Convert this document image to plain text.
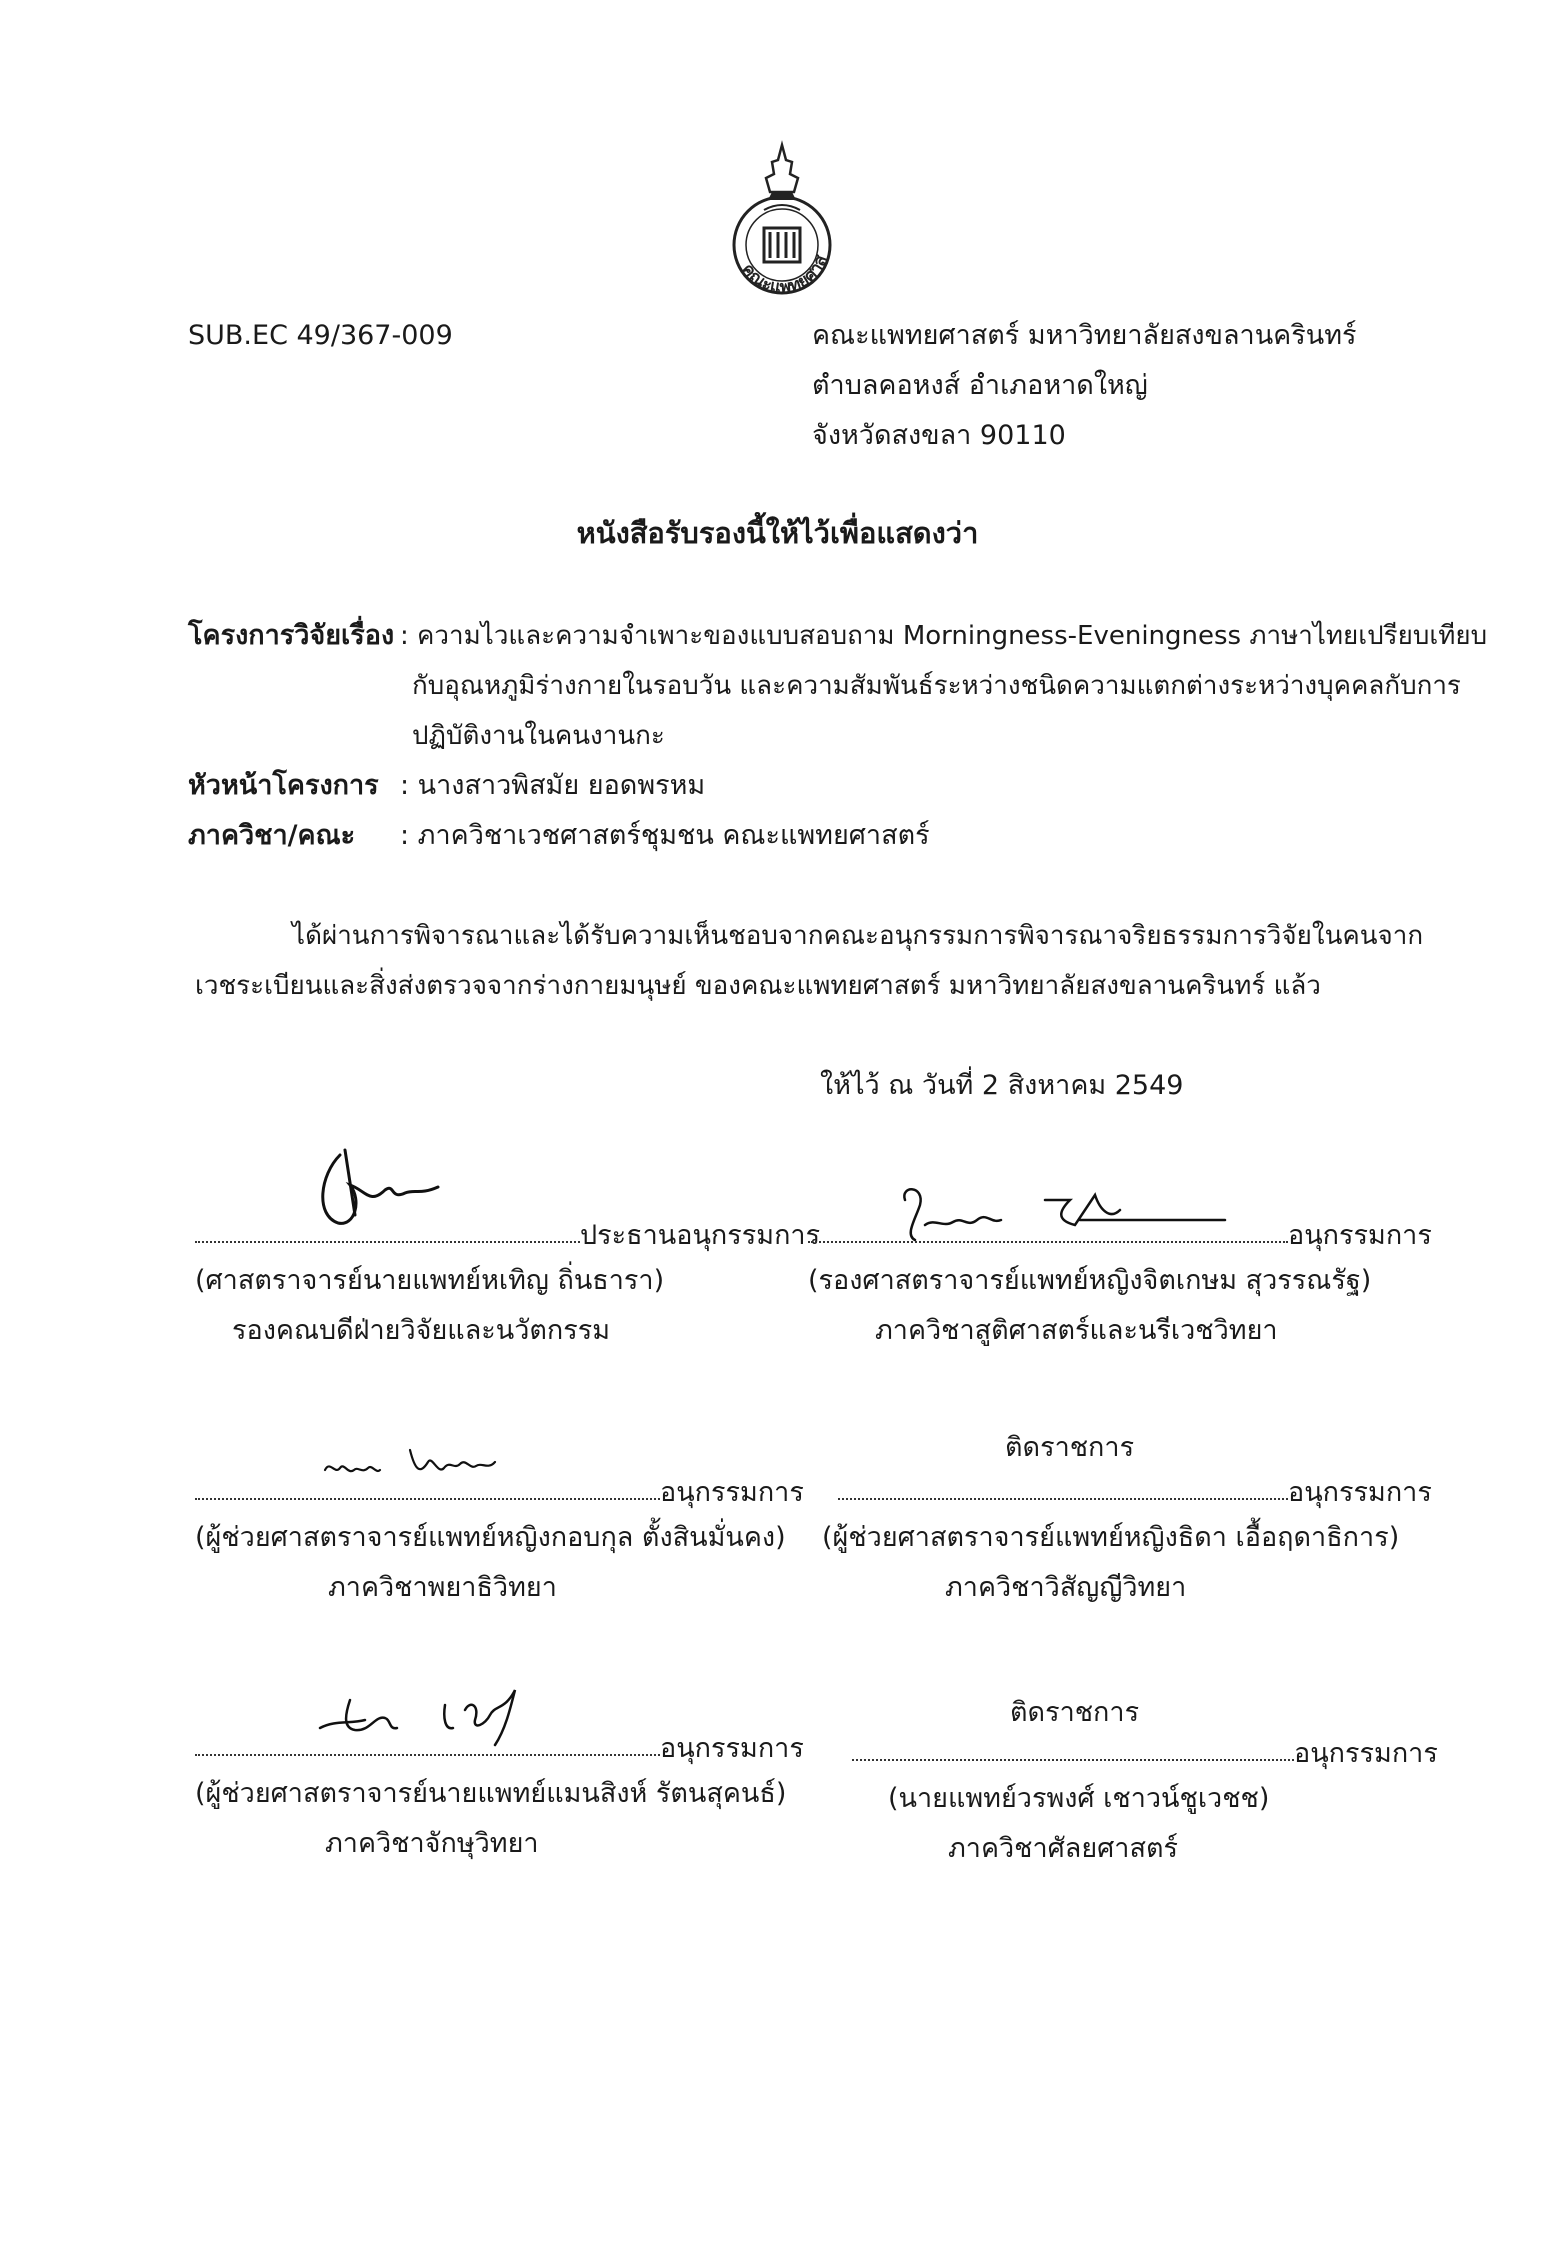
คณะแพทยศาส
SUB.EC 49/367-009	คณะแพทยศาสตร์ มหาวิทยาลัยสงขลานครินทร์
ตำบลคอหงส์ อำเภอหาดใหญ่
จังหวัดสงขลา 90110
หนังสือรับรองนี้ให้ไว้เพื่อแสดงว่า
โครงการวิจัยเรื่อง : ความไวและความจำเพาะของแบบสอบถาม Morningness-Eveningness ภาษาไทยเปรียบเทียบ
กับอุณหภูมิร่างกายในรอบวัน และความสัมพันธ์ระหว่างชนิดความแตกต่างระหว่างบุคคลกับการ
ปฏิบัติงานในคนงานกะ
หัวหน้าโครงการ : นางสาวพิสมัย ยอดพรหม
ภาควิชา/คณะ : ภาควิชาเวชศาสตร์ชุมชน คณะแพทยศาสตร์
ได้ผ่านการพิจารณาและได้รับความเห็นชอบจากคณะอนุกรรมการพิจารณาจริยธรรมการวิจัยในคนจาก
เวชระเบียนและสิ่งส่งตรวจจากร่างกายมนุษย์ ของคณะแพทยศาสตร์ มหาวิทยาลัยสงขลานครินทร์ แล้ว
ให้ไว้ ณ วันที่ 2 สิงหาคม 2549
ประธานอนุกรรมการ
(ศาสตราจารย์นายแพทย์หเทิญ ถิ่นธารา)
รองคณบดีฝ่ายวิจัยและนวัตกรรม
อนุกรรมการ
(รองศาสตราจารย์แพทย์หญิงจิตเกษม สุวรรณรัฐ)
ภาควิชาสูติศาสตร์และนรีเวชวิทยา
อนุกรรมการ
(ผู้ช่วยศาสตราจารย์แพทย์หญิงกอบกุล ตั้งสินมั่นคง)
ภาควิชาพยาธิวิทยา
ติดราชการ
อนุกรรมการ
(ผู้ช่วยศาสตราจารย์แพทย์หญิงธิดา เอื้อฤดาธิการ)
ภาควิชาวิสัญญีวิทยา
อนุกรรมการ
(ผู้ช่วยศาสตราจารย์นายแพทย์แมนสิงห์ รัตนสุคนธ์)
ภาควิชาจักษุวิทยา
ติดราชการ
อนุกรรมการ
(นายแพทย์วรพงศ์ เชาวน์ชูเวชช)
ภาควิชาศัลยศาสตร์
